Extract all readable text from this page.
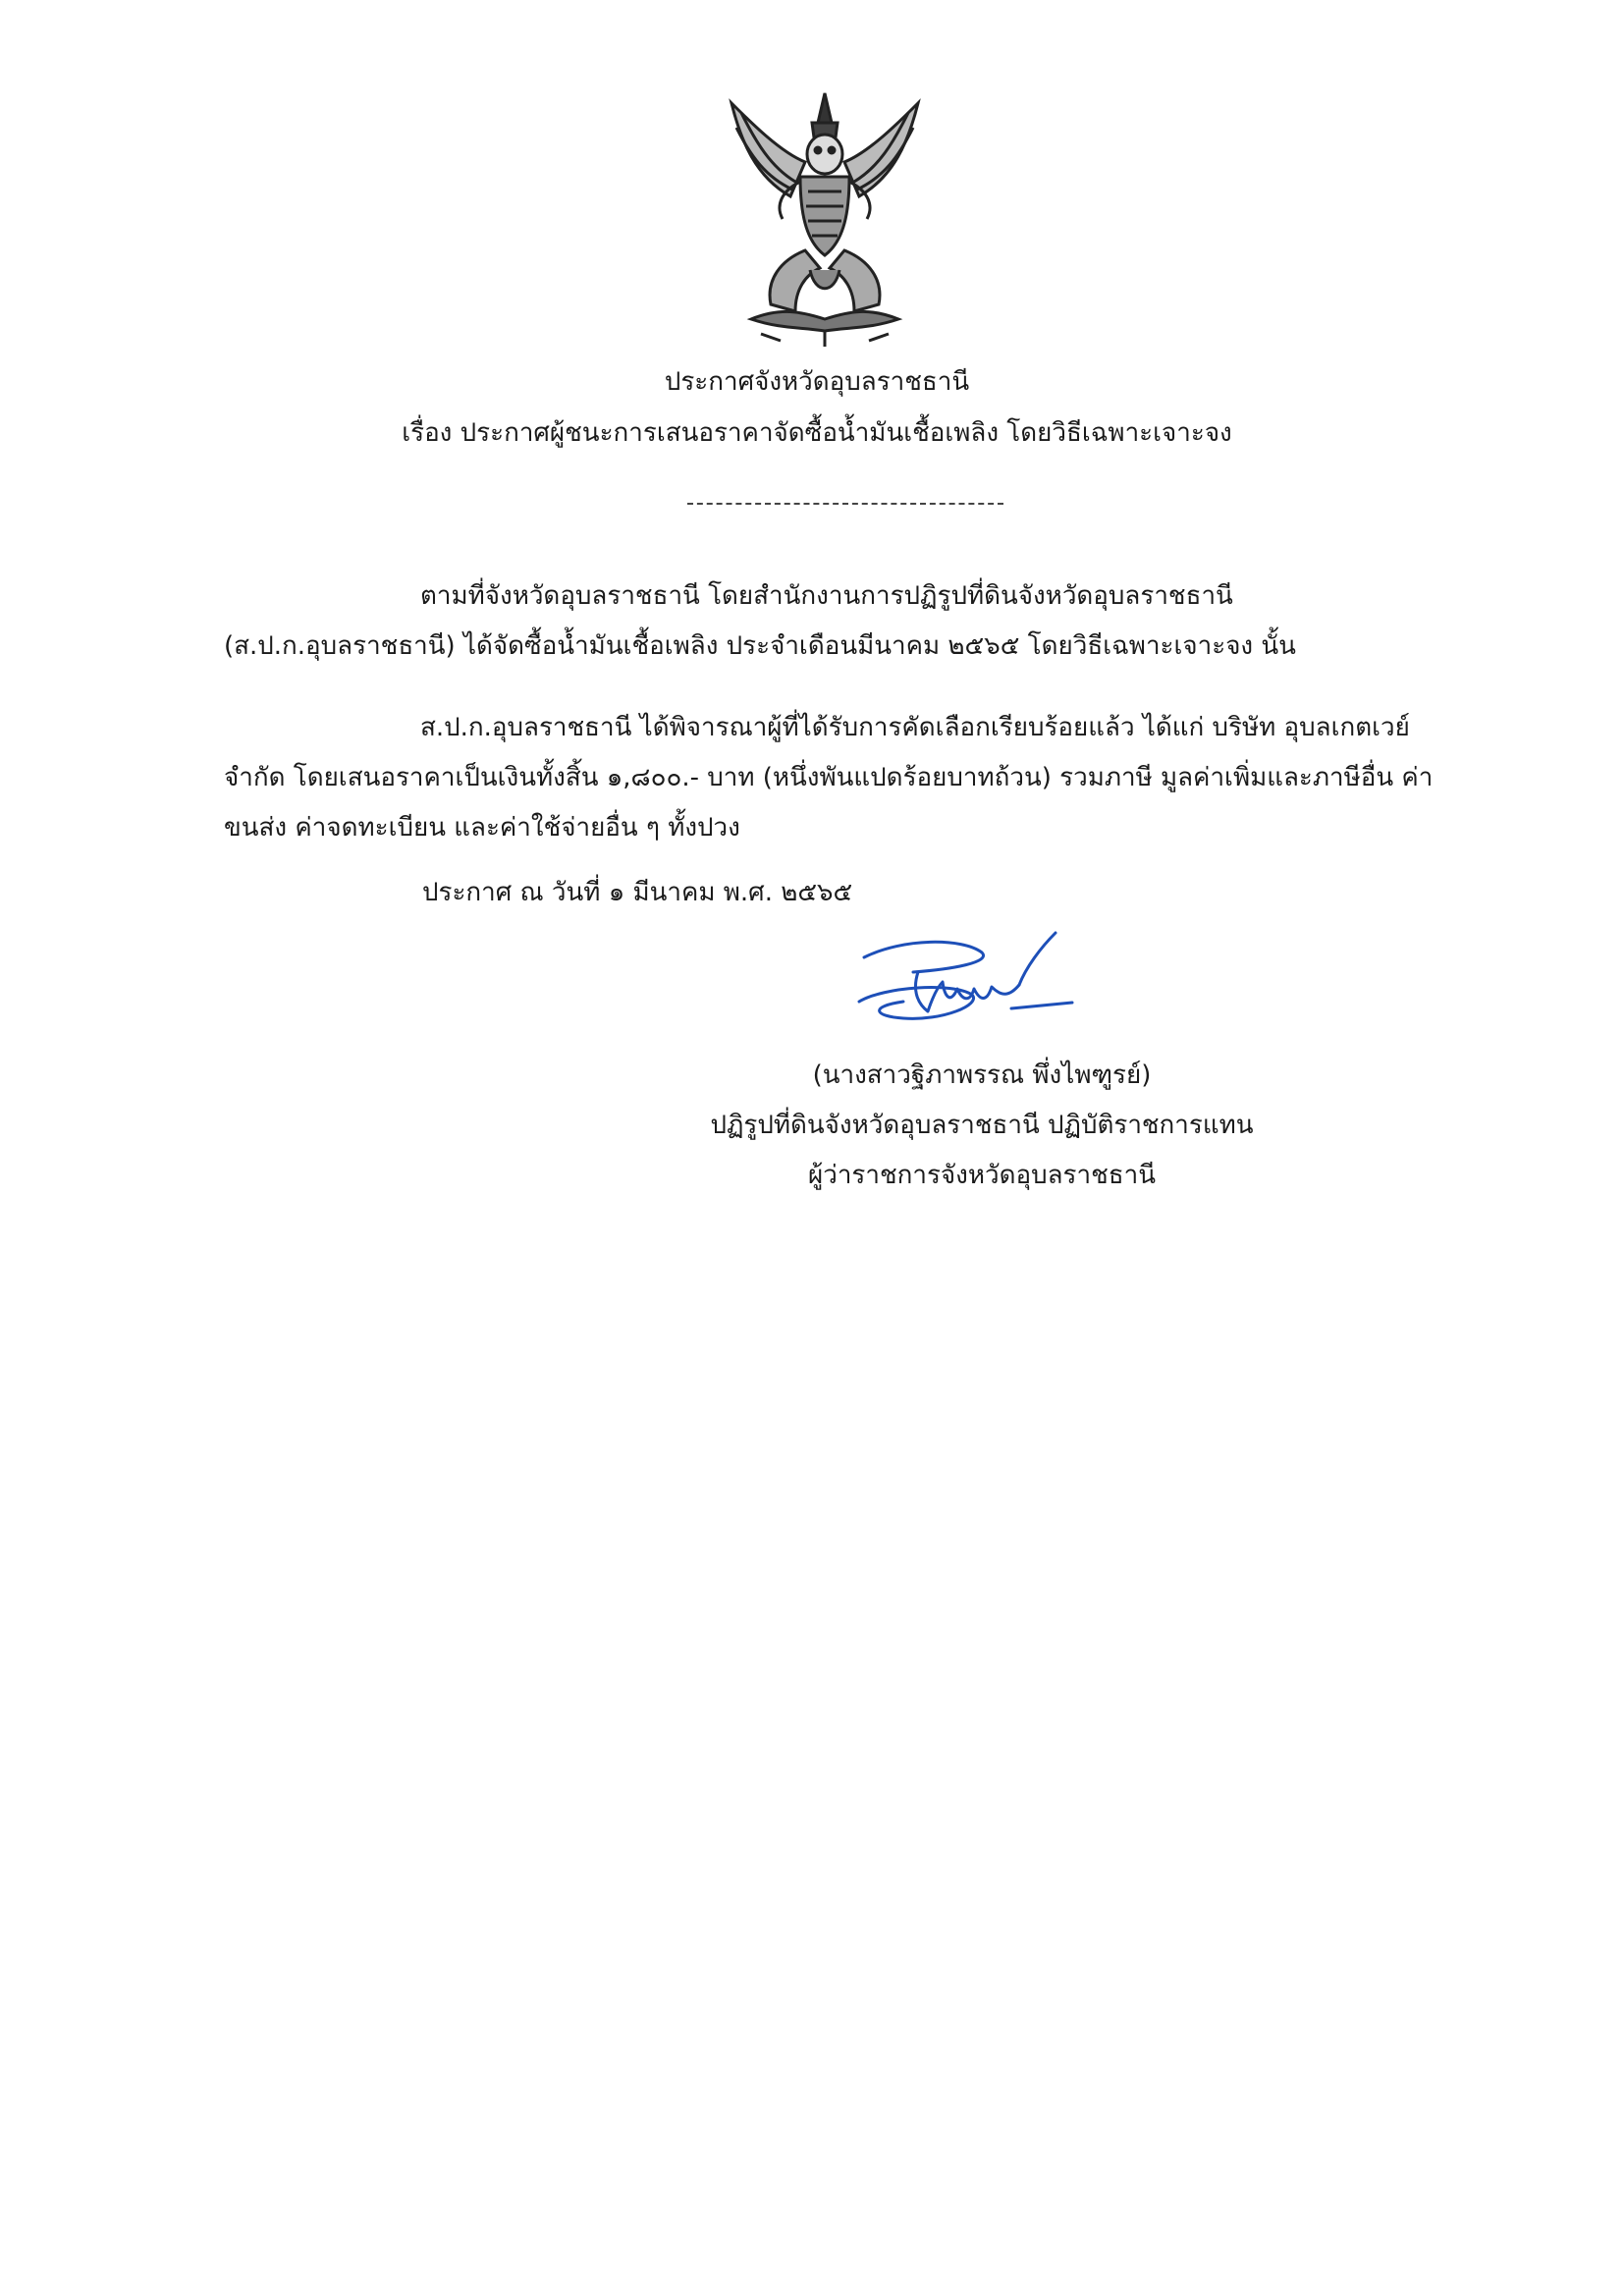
ประกาศจังหวัดอุบลราชธานี
เรื่อง ประกาศผู้ชนะการเสนอราคาจัดซื้อน้ำมันเชื้อเพลิง โดยวิธีเฉพาะเจาะจง
ตามที่จังหวัดอุบลราชธานี โดยสำนักงานการปฏิรูปที่ดินจังหวัดอุบลราชธานี (ส.ป.ก.อุบลราชธานี) ได้จัดซื้อน้ำมันเชื้อเพลิง ประจำเดือนมีนาคม ๒๕๖๕ โดยวิธีเฉพาะเจาะจง นั้น
ส.ป.ก.อุบลราชธานี ได้พิจารณาผู้ที่ได้รับการคัดเลือกเรียบร้อยแล้ว ได้แก่ บริษัท อุบลเกตเวย์ จำกัด โดยเสนอราคาเป็นเงินทั้งสิ้น ๑,๘๐๐.- บาท (หนึ่งพันแปดร้อยบาทถ้วน) รวมภาษี มูลค่าเพิ่มและภาษีอื่น ค่าขนส่ง ค่าจดทะเบียน และค่าใช้จ่ายอื่น ๆ ทั้งปวง
ประกาศ ณ วันที่ ๑ มีนาคม พ.ศ. ๒๕๖๕
(นางสาวฐิภาพรรณ พึ่งไพฑูรย์)
ปฏิรูปที่ดินจังหวัดอุบลราชธานี ปฏิบัติราชการแทน
ผู้ว่าราชการจังหวัดอุบลราชธานี
